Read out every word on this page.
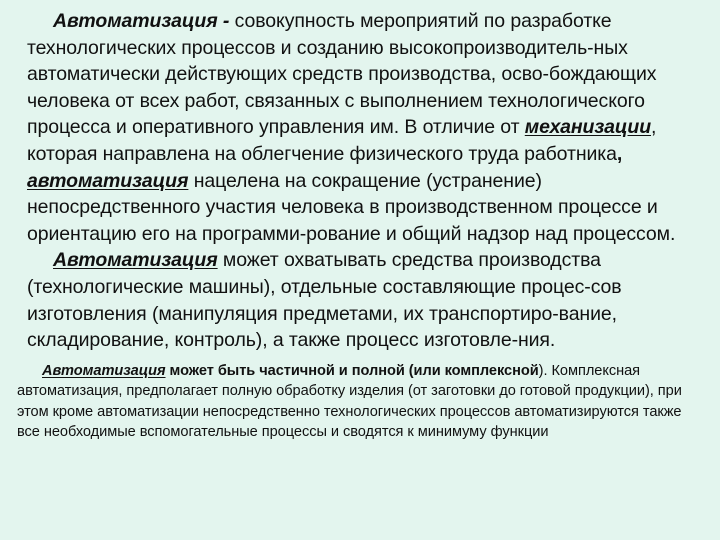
Автоматизация - совокупность мероприятий по разработке технологических процессов и созданию высокопроизводитель-ных автоматически действующих средств производства, осво-бождающих человека от всех работ, связанных с выполнением технологического процесса и оперативного управления им. В отличие от механизации, которая направлена на облегчение физического труда работника, автоматизация нацелена на сокращение (устранение) непосредственного участия человека в производственном процессе и ориентацию его на программи-рование и общий надзор над процессом.

Автоматизация может охватывать средства производства (технологические машины), отдельные составляющие процес-сов изготовления (манипуляция предметами, их транспортиро-вание, складирование, контроль), а также процесс изготовле-ния.

Автоматизация может быть частичной и полной (или комплексной). Комплексная автоматизация, предполагает полную обработку изделия (от заготовки до готовой продукции), при этом кроме автоматизации непосредственно технологических процессов автоматизируются также все необходимые вспомогательные процессы и сводятся к минимуму функции
